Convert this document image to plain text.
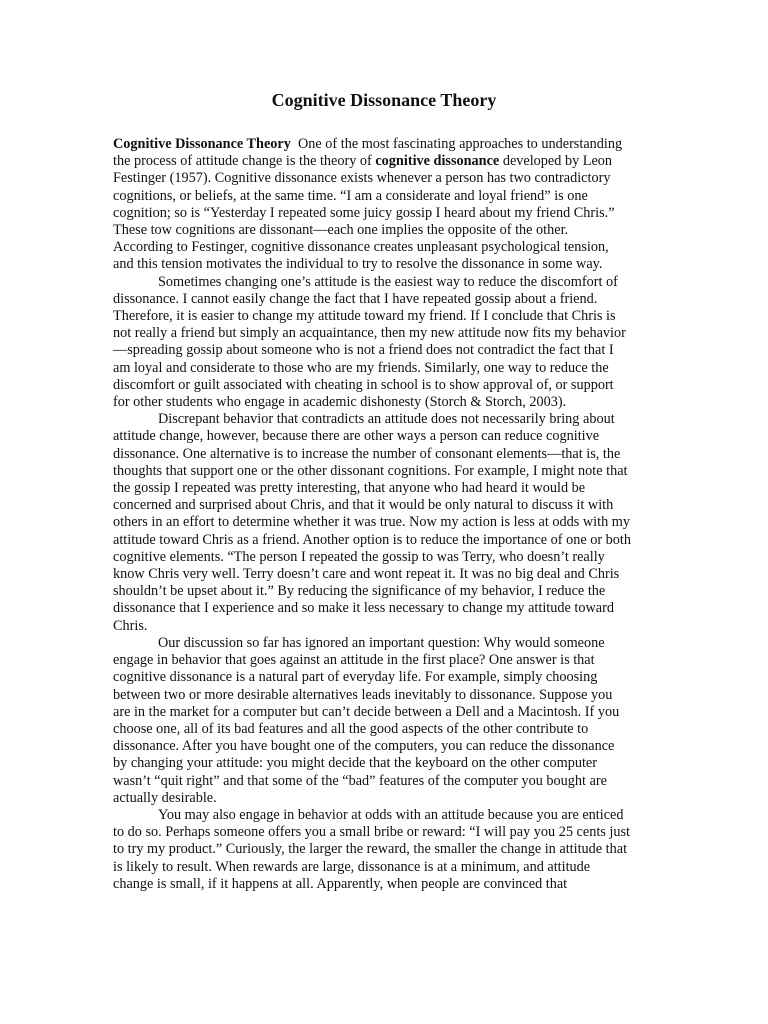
Cognitive Dissonance Theory

Cognitive Dissonance Theory  One of the most fascinating approaches to understanding the process of attitude change is the theory of cognitive dissonance developed by Leon Festinger (1957). Cognitive dissonance exists whenever a person has two contradictory cognitions, or beliefs, at the same time. “I am a considerate and loyal friend” is one cognition; so is “Yesterday I repeated some juicy gossip I heard about my friend Chris.” These tow cognitions are dissonant—each one implies the opposite of the other. According to Festinger, cognitive dissonance creates unpleasant psychological tension, and this tension motivates the individual to try to resolve the dissonance in some way.

Sometimes changing one’s attitude is the easiest way to reduce the discomfort of dissonance. I cannot easily change the fact that I have repeated gossip about a friend. Therefore, it is easier to change my attitude toward my friend. If I conclude that Chris is not really a friend but simply an acquaintance, then my new attitude now fits my behavior —spreading gossip about someone who is not a friend does not contradict the fact that I am loyal and considerate to those who are my friends. Similarly, one way to reduce the discomfort or guilt associated with cheating in school is to show approval of, or support for other students who engage in academic dishonesty (Storch & Storch, 2003).

Discrepant behavior that contradicts an attitude does not necessarily bring about attitude change, however, because there are other ways a person can reduce cognitive dissonance. One alternative is to increase the number of consonant elements—that is, the thoughts that support one or the other dissonant cognitions. For example, I might note that the gossip I repeated was pretty interesting, that anyone who had heard it would be concerned and surprised about Chris, and that it would be only natural to discuss it with others in an effort to determine whether it was true. Now my action is less at odds with my attitude toward Chris as a friend. Another option is to reduce the importance of one or both cognitive elements. “The person I repeated the gossip to was Terry, who doesn’t really know Chris very well. Terry doesn’t care and wont repeat it. It was no big deal and Chris shouldn’t be upset about it.” By reducing the significance of my behavior, I reduce the dissonance that I experience and so make it less necessary to change my attitude toward Chris.

Our discussion so far has ignored an important question: Why would someone engage in behavior that goes against an attitude in the first place? One answer is that cognitive dissonance is a natural part of everyday life. For example, simply choosing between two or more desirable alternatives leads inevitably to dissonance. Suppose you are in the market for a computer but can’t decide between a Dell and a Macintosh. If you choose one, all of its bad features and all the good aspects of the other contribute to dissonance. After you have bought one of the computers, you can reduce the dissonance by changing your attitude: you might decide that the keyboard on the other computer wasn’t “quit right” and that some of the “bad” features of the computer you bought are actually desirable.

You may also engage in behavior at odds with an attitude because you are enticed to do so. Perhaps someone offers you a small bribe or reward: “I will pay you 25 cents just to try my product.” Curiously, the larger the reward, the smaller the change in attitude that is likely to result. When rewards are large, dissonance is at a minimum, and attitude change is small, if it happens at all. Apparently, when people are convinced that
